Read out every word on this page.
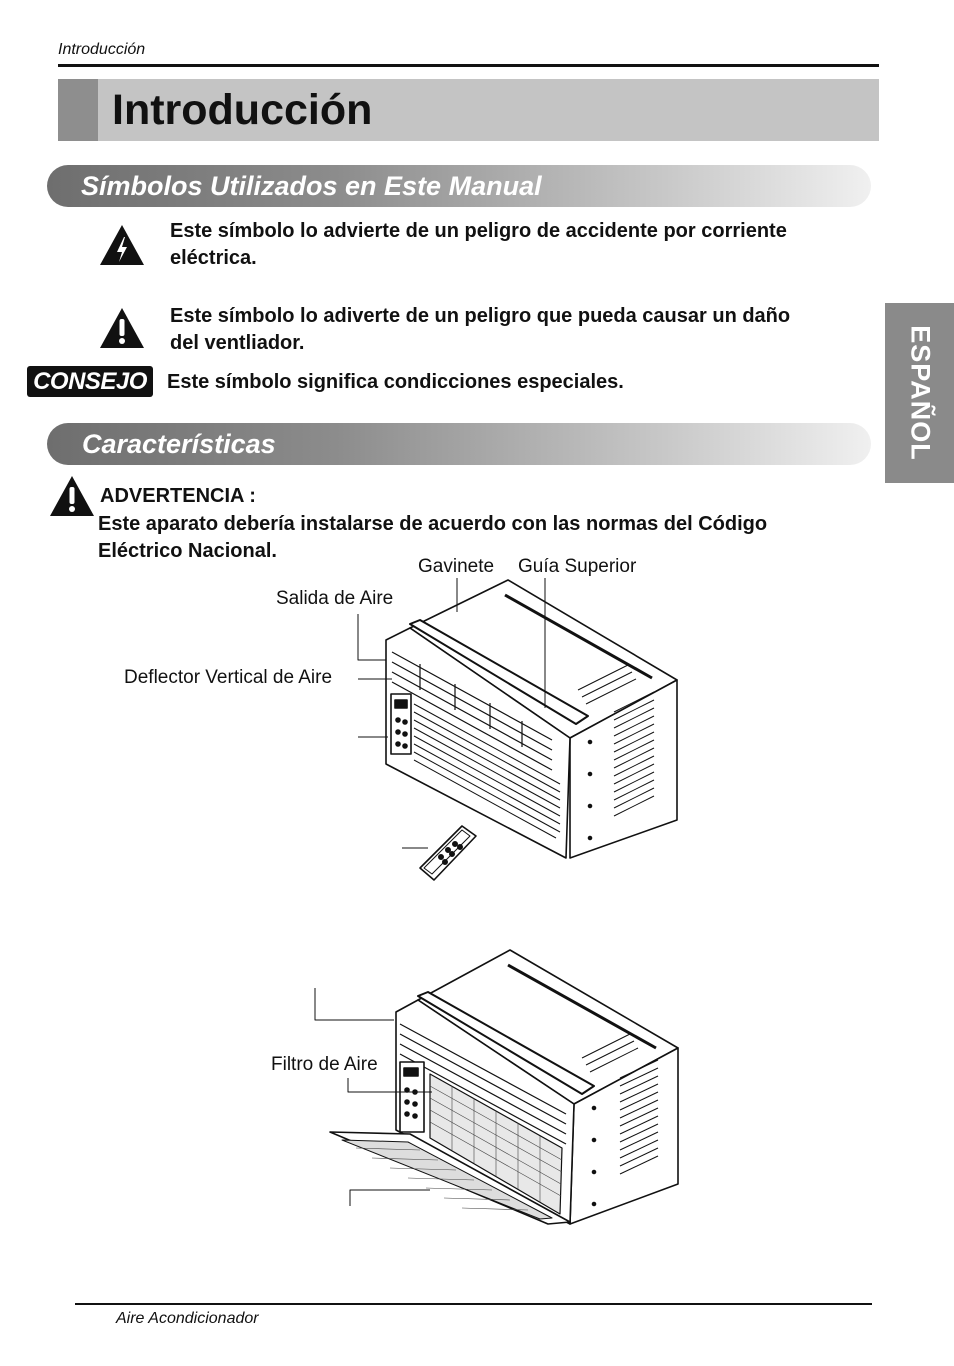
Introducción
Introducción
ESPAÑOL
Símbolos Utilizados en Este Manual
Este símbolo lo advierte de un peligro de accidente por corriente
eléctrica.
Este símbolo lo adiverte de un peligro que pueda causar un daño
del ventliador.
CONSEJO	Este símbolo significa condicciones especiales.
Características
ADVERTENCIA :
Este aparato debería instalarse de acuerdo con las normas del Código
Eléctrico Nacional.
Gavinete Guía Superior
Salida de Aire
Deflector Vertical de Aire
Filtro de Aire
Aire Acondicionador
